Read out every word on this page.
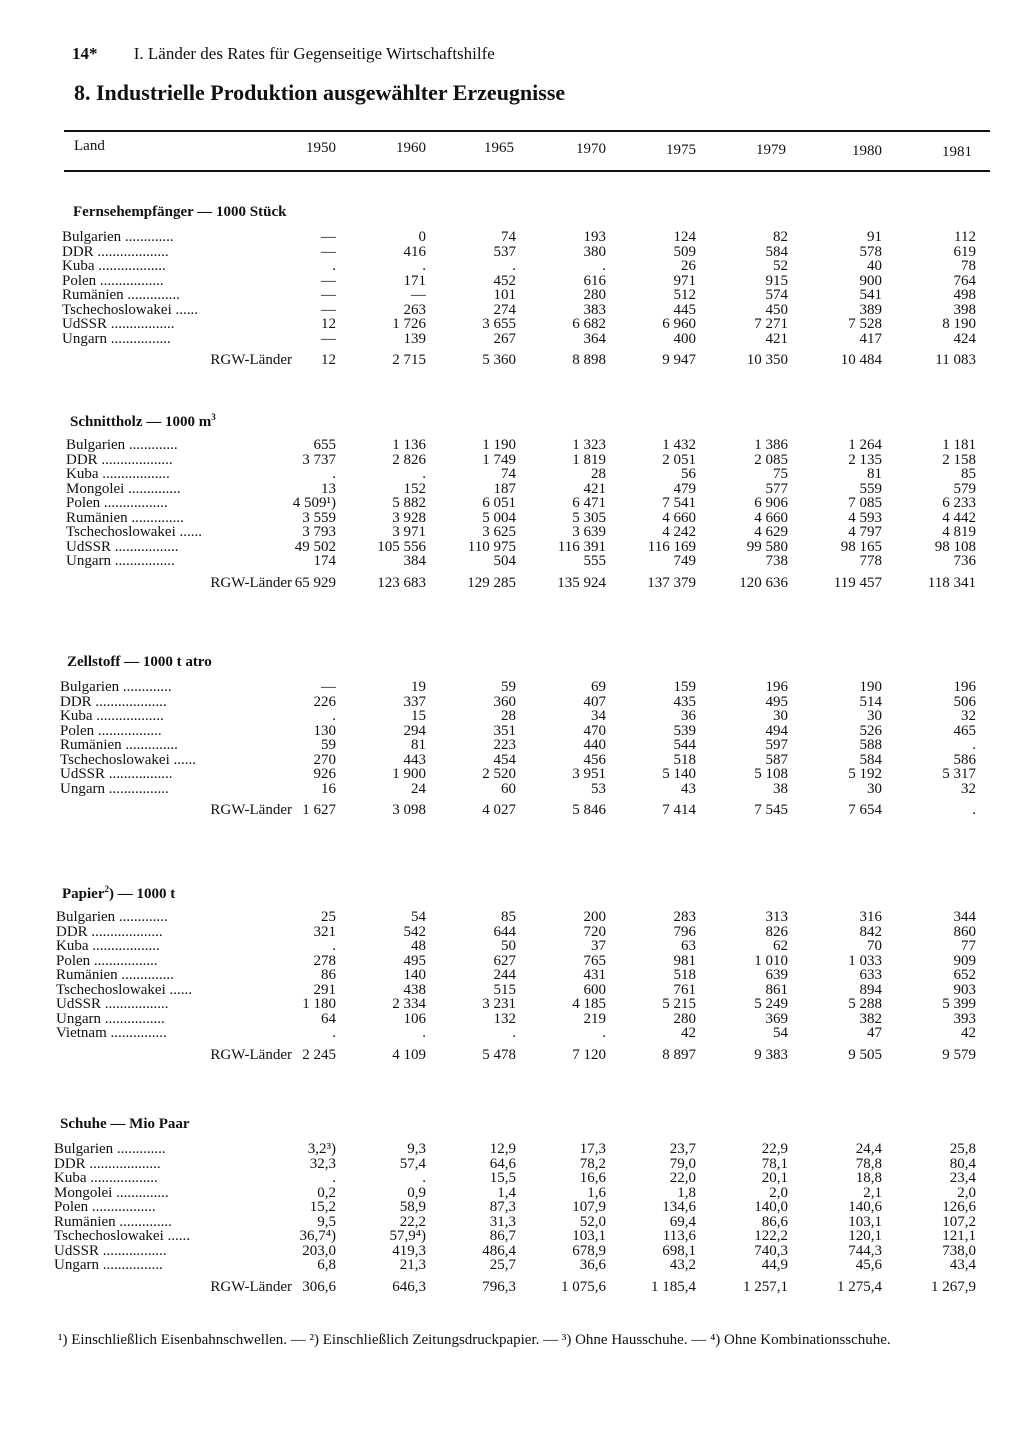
14* I. Länder des Rates für Gegenseitige Wirtschaftshilfe
8. Industrielle Produktion ausgewählter Erzeugnisse
Land	1950	1960	1965	1970	1975	1979	1980	1981
Fernsehempfänger — 1000 Stück
Bulgarien .............	—	0	74	193	124	82	91	112
DDR ...................	—	416	537	380	509	584	578	619
Kuba ..................	.	.	.	.	26	52	40	78
Polen .................	—	171	452	616	971	915	900	764
Rumänien ..............	—	—	101	280	512	574	541	498
Tschechoslowakei ......	—	263	274	383	445	450	389	398
UdSSR .................	12	1 726	3 655	6 682	6 960	7 271	7 528	8 190
Ungarn ................	—	139	267	364	400	421	417	424

RGW-Länder	12	2 715	5 360	8 898	9 947	10 350	10 484	11 083
Schnittholz — 1000 $m^3$
Bulgarien .............	655	1 136	1 190	1 323	1 432	1 386	1 264	1 181
DDR ...................	3 737	2 826	1 749	1 819	2 051	2 085	2 135	2 158
Kuba ..................	.	.	74	28	56	75	81	85
Mongolei ..............	13	152	187	421	479	577	559	579
Polen .................	4 509¹)	5 882	6 051	6 471	7 541	6 906	7 085	6 233
Rumänien ..............	3 559	3 928	5 004	5 305	4 660	4 660	4 593	4 442
Tschechoslowakei ......	3 793	3 971	3 625	3 639	4 242	4 629	4 797	4 819
UdSSR .................	49 502	105 556	110 975	116 391	116 169	99 580	98 165	98 108
Ungarn ................	174	384	504	555	749	738	778	736

RGW-Länder	65 929	123 683	129 285	135 924	137 379	120 636	119 457	118 341
Zellstoff — 1000 t atro
Bulgarien .............	—	19	59	69	159	196	190	196
DDR ...................	226	337	360	407	435	495	514	506
Kuba ..................	.	15	28	34	36	30	30	32
Polen .................	130	294	351	470	539	494	526	465
Rumänien ..............	59	81	223	440	544	597	588	.
Tschechoslowakei ......	270	443	454	456	518	587	584	586
UdSSR .................	926	1 900	2 520	3 951	5 140	5 108	5 192	5 317
Ungarn ................	16	24	60	53	43	38	30	32

RGW-Länder	1 627	3 098	4 027	5 846	7 414	7 545	7 654	.
Papier$^2$) — 1000 t
Bulgarien .............	25	54	85	200	283	313	316	344
DDR ...................	321	542	644	720	796	826	842	860
Kuba ..................	.	48	50	37	63	62	70	77
Polen .................	278	495	627	765	981	1 010	1 033	909
Rumänien ..............	86	140	244	431	518	639	633	652
Tschechoslowakei ......	291	438	515	600	761	861	894	903
UdSSR .................	1 180	2 334	3 231	4 185	5 215	5 249	5 288	5 399
Ungarn ................	64	106	132	219	280	369	382	393
Vietnam ...............	.	.	.	.	42	54	47	42

RGW-Länder	2 245	4 109	5 478	7 120	8 897	9 383	9 505	9 579
Schuhe — Mio Paar
Bulgarien .............	3,2³)	9,3	12,9	17,3	23,7	22,9	24,4	25,8
DDR ...................	32,3	57,4	64,6	78,2	79,0	78,1	78,8	80,4
Kuba ..................	.	.	15,5	16,6	22,0	20,1	18,8	23,4
Mongolei ..............	0,2	0,9	1,4	1,6	1,8	2,0	2,1	2,0
Polen .................	15,2	58,9	87,3	107,9	134,6	140,0	140,6	126,6
Rumänien ..............	9,5	22,2	31,3	52,0	69,4	86,6	103,1	107,2
Tschechoslowakei ......	36,7⁴)	57,9⁴)	86,7	103,1	113,6	122,2	120,1	121,1
UdSSR .................	203,0	419,3	486,4	678,9	698,1	740,3	744,3	738,0
Ungarn ................	6,8	21,3	25,7	36,6	43,2	44,9	45,6	43,4

RGW-Länder	306,6	646,3	796,3	1 075,6	1 185,4	1 257,1	1 275,4	1 267,9
¹) Einschließlich Eisenbahnschwellen. — ²) Einschließlich Zeitungsdruckpapier. — ³) Ohne Hausschuhe. — ⁴) Ohne Kombinationsschuhe.
